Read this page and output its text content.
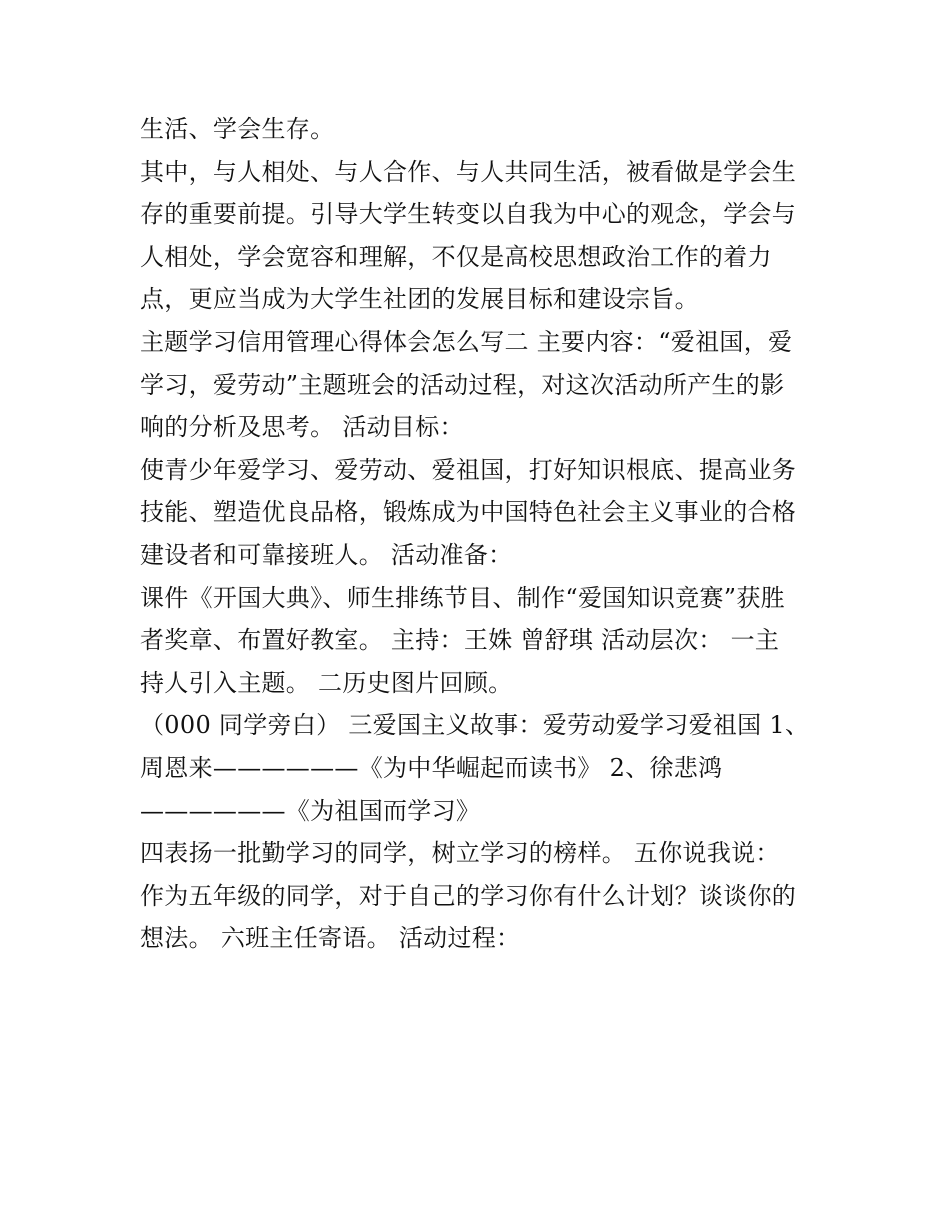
生活、学会生存。
其中，与人相处、与人合作、与人共同生活，被看做是学会生
存的重要前提。引导大学生转变以自我为中心的观念，学会与
人相处，学会宽容和理解，不仅是高校思想政治工作的着力
点，更应当成为大学生社团的发展目标和建设宗旨。
主题学习信用管理心得体会怎么写二 主要内容：“爱祖国，爱
学习，爱劳动”主题班会的活动过程，对这次活动所产生的影
响的分析及思考。 活动目标：
使青少年爱学习、爱劳动、爱祖国，打好知识根底、提高业务
技能、塑造优良品格，锻炼成为中国特色社会主义事业的合格
建设者和可靠接班人。 活动准备：
课件《开国大典》、师生排练节目、制作“爱国知识竞赛”获胜
者奖章、布置好教室。 主持：王姝 曾舒琪 活动层次： 一主
持人引入主题。 二历史图片回顾。
（000 同学旁白） 三爱国主义故事：爱劳动爱学习爱祖国 1、
周恩来——————《为中华崛起而读书》 2、徐悲鸿
——————《为祖国而学习》
四表扬一批勤学习的同学，树立学习的榜样。 五你说我说：
作为五年级的同学，对于自己的学习你有什么计划？谈谈你的
想法。 六班主任寄语。 活动过程：
